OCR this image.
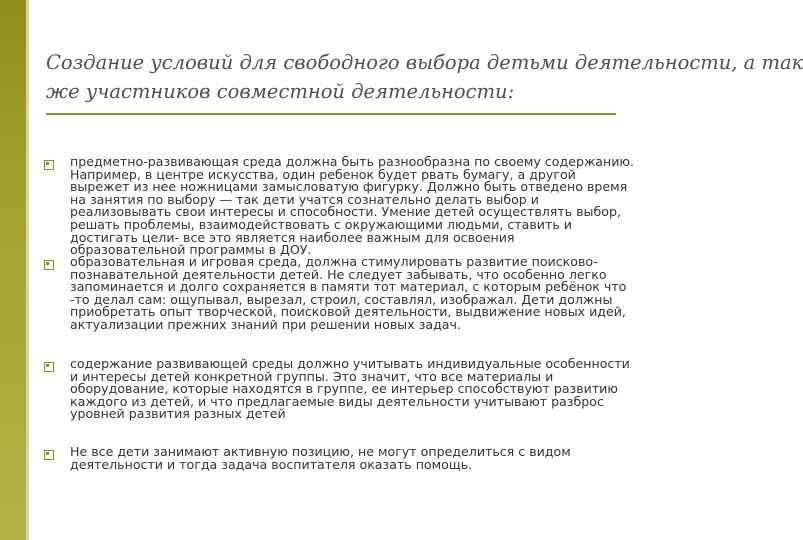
Создание условий для свободного выбора детьми деятельности, а так
же участников совместной деятельности:
предметно-развивающая среда должна быть разнообразна по своему содержанию.
Например, в центре искусства, один ребенок будет рвать бумагу, а другой
вырежет из нее ножницами замысловатую фигурку. Должно быть отведено время
на занятия по выбору — так дети учатся сознательно делать выбор и
реализовывать свои интересы и способности. Умение детей осуществлять выбор,
решать проблемы, взаимодействовать с окружающими людьми, ставить и
достигать цели- все это является наиболее важным для освоения
образовательной программы в ДОУ.
образовательная и игровая среда, должна стимулировать развитие поисково-
познавательной деятельности детей. Не следует забывать, что особенно легко
запоминается и долго сохраняется в памяти тот материал, с которым ребёнок что
-то делал сам: ощупывал, вырезал, строил, составлял, изображал. Дети должны
приобретать опыт творческой, поисковой деятельности, выдвижение новых идей,
актуализации прежних знаний при решении новых задач.
содержание развивающей среды должно учитывать индивидуальные особенности
и интересы детей конкретной группы. Это значит, что все материалы и
оборудование, которые находятся в группе, ее интерьер способствуют развитию
каждого из детей, и что предлагаемые виды деятельности учитывают разброс
уровней развития разных детей
Не все дети занимают активную позицию, не могут определиться с видом
деятельности и тогда задача воспитателя оказать помощь.
